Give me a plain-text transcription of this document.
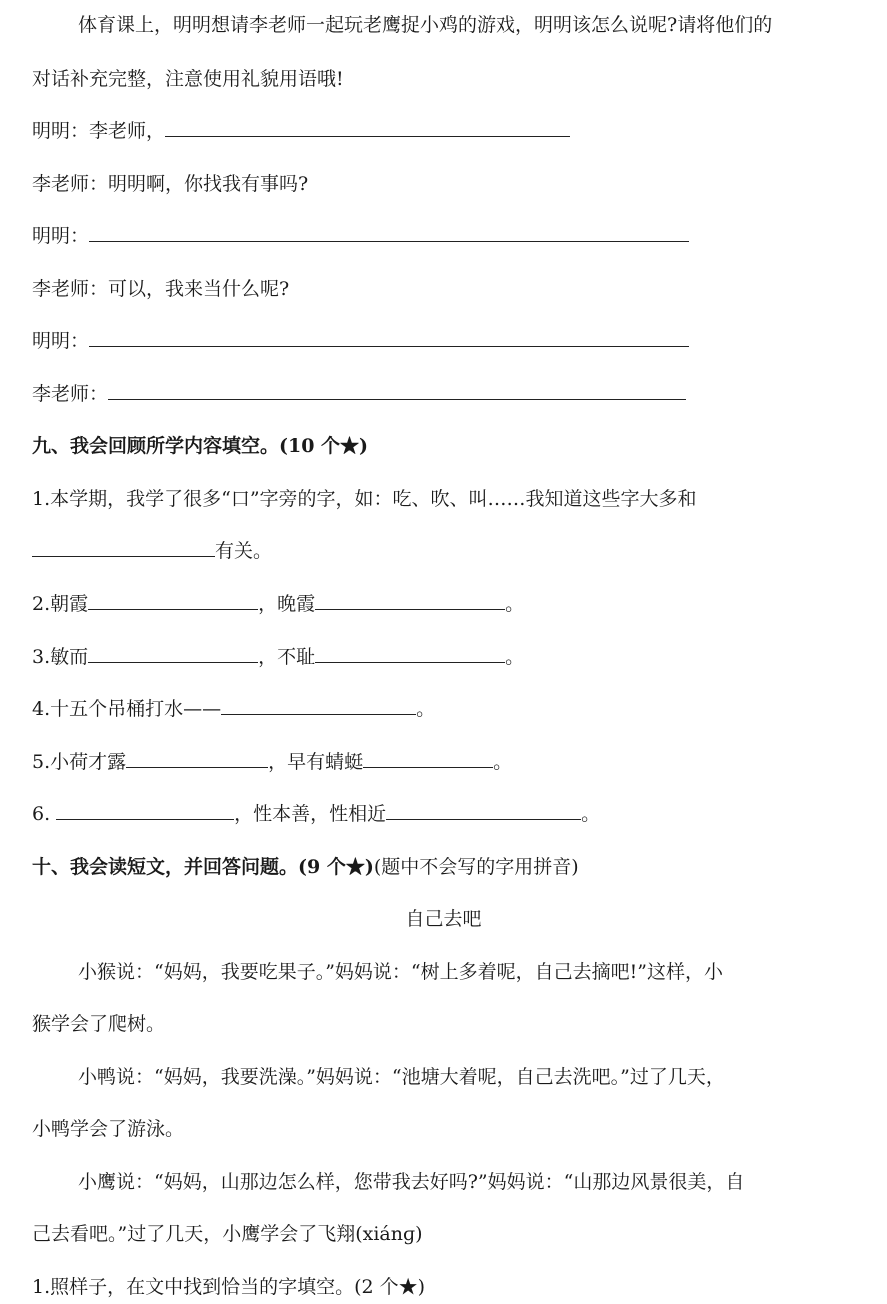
体育课上，明明想请李老师一起玩老鹰捉小鸡的游戏，明明该怎么说呢?请将他们的
对话补充完整，注意使用礼貌用语哦!
明明：李老师，
李老师：明明啊，你找我有事吗?
明明：
李老师：可以，我来当什么呢?
明明：
李老师：
九、我会回顾所学内容填空。(10 个★)
1.本学期，我学了很多“口”字旁的字，如：吃、吹、叫……我知道这些字大多和
有关。
2.朝霞	，晚霞	。
3.敏而	，不耻	。
4.十五个吊桶打水——	。
5.小荷才露	，早有蜻蜓	。
6.	，性本善，性相近	。
十、我会读短文，并回答问题。(9 个★)(题中不会写的字用拼音)
自己去吧
小猴说：“妈妈，我要吃果子。”妈妈说：“树上多着呢，自己去摘吧!”这样，小
猴学会了爬树。
小鸭说：“妈妈，我要洗澡。”妈妈说：“池塘大着呢，自己去洗吧。”过了几天，
小鸭学会了游泳。
小鹰说：“妈妈，山那边怎么样，您带我去好吗?”妈妈说：“山那边风景很美，自
己去看吧。”过了几天，小鹰学会了飞翔(xiánɡ)
1.照样子，在文中找到恰当的字填空。(2 个★)
